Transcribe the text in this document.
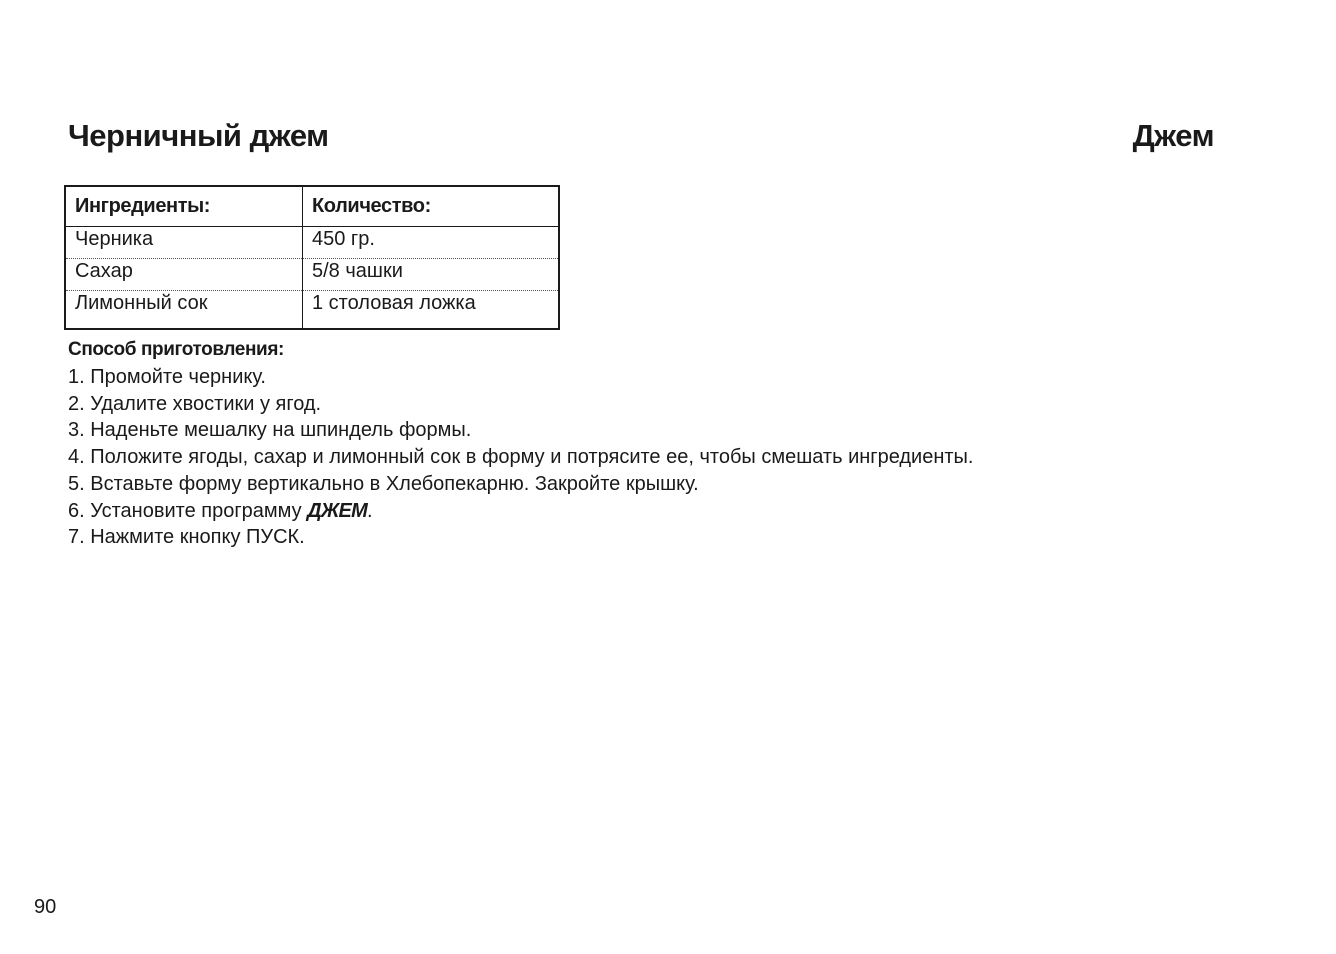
Черничный джем	Джем
Ингредиенты:	Количество:
Черника	450 гр.
Сахар	5/8 чашки
Лимонный сок	1 столовая ложка
Способ приготовления:
1. Промойте чернику.
2. Удалите хвостики у ягод.
3. Наденьте мешалку на шпиндель формы.
4. Положите ягоды, сахар и лимонный сок в форму и потрясите ее, чтобы смешать ингредиенты.
5. Вставьте форму вертикально в Хлебопекарню. Закройте крышку.
6. Установите программу ДЖЕМ.
7. Нажмите кнопку ПУСК.
90
